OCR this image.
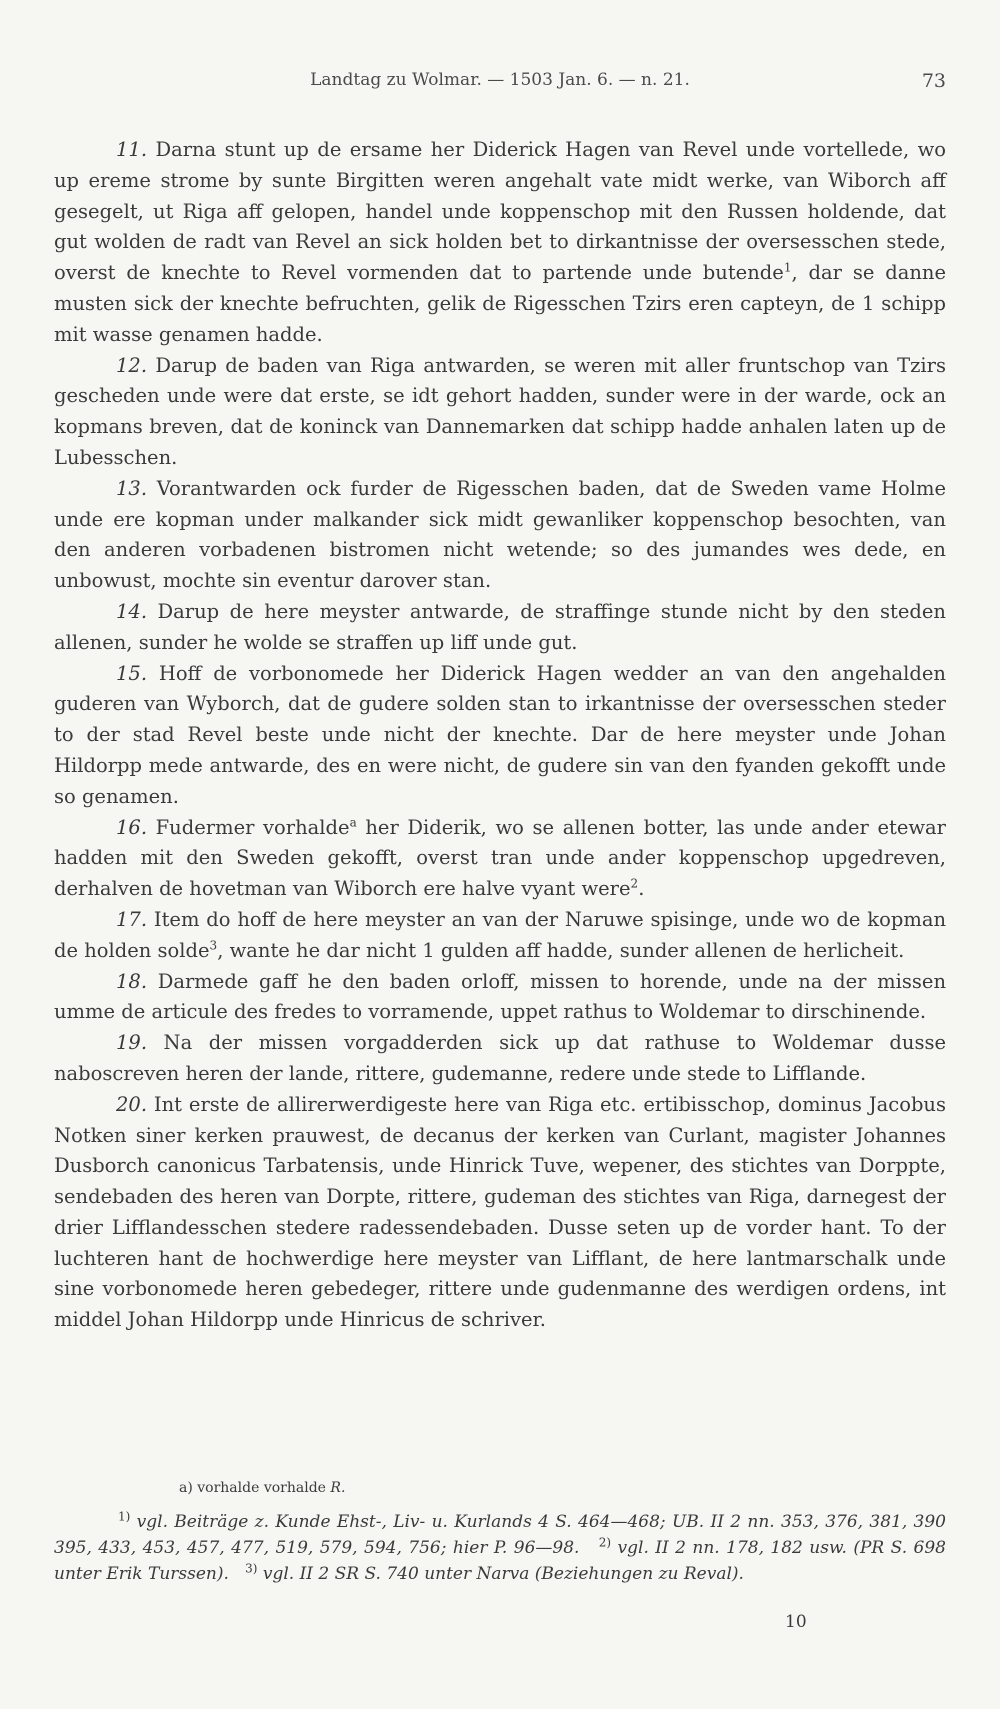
Landtag zu Wolmar. — 1503 Jan. 6. — n. 21.	73

11. Darna stunt up de ersame her Diderick Hagen van Revel unde vortellede, wo up ereme strome by sunte Birgitten weren angehalt vate midt werke, van Wiborch aff gesegelt, ut Riga aff gelopen, handel unde koppenschop mit den Russen holdende, dat gut wolden de radt van Revel an sick holden bet to dirkantnisse der oversesschen stede, overst de knechte to Revel vormenden dat to partende unde butende$^1$, dar se danne musten sick der knechte befruchten, gelik de Rigesschen Tzirs eren capteyn, de 1 schipp mit wasse genamen hadde.

12. Darup de baden van Riga antwarden, se weren mit aller fruntschop van Tzirs gescheden unde were dat erste, se idt gehort hadden, sunder were in der warde, ock an kopmans breven, dat de koninck van Dannemarken dat schipp hadde anhalen laten up de Lubesschen.

13. Vorantwarden ock furder de Rigesschen baden, dat de Sweden vame Holme unde ere kopman under malkander sick midt gewanliker koppenschop besochten, van den anderen vorbadenen bistromen nicht wetende; so des jumandes wes dede, en unbowust, mochte sin eventur darover stan.

14. Darup de here meyster antwarde, de straffinge stunde nicht by den steden allenen, sunder he wolde se straffen up liff unde gut.

15. Hoff de vorbonomede her Diderick Hagen wedder an van den angehalden guderen van Wyborch, dat de gudere solden stan to irkantnisse der oversesschen steder to der stad Revel beste unde nicht der knechte. Dar de here meyster unde Johan Hildorpp mede antwarde, des en were nicht, de gudere sin van den fyanden gekofft unde so genamen.

16. Fudermer vorhalde$^a$ her Diderik, wo se allenen botter, las unde ander etewar hadden mit den Sweden gekofft, overst tran unde ander koppenschop upgedreven, derhalven de hovetman van Wiborch ere halve vyant were$^2$.

17. Item do hoff de here meyster an van der Naruwe spisinge, unde wo de kopman de holden solde$^3$, wante he dar nicht 1 gulden aff hadde, sunder allenen de herlicheit.

18. Darmede gaff he den baden orloff, missen to horende, unde na der missen umme de articule des fredes to vorramende, uppet rathus to Woldemar to dirschinende.

19. Na der missen vorgadderden sick up dat rathuse to Woldemar dusse naboscreven heren der lande, rittere, gudemanne, redere unde stede to Lifflande.

20. Int erste de allirerwerdigeste here van Riga etc. ertibisschop, dominus Jacobus Notken siner kerken prauwest, de decanus der kerken van Curlant, magister Johannes Dusborch canonicus Tarbatensis, unde Hinrick Tuve, wepener, des stichtes van Dorppte, sendebaden des heren van Dorpte, rittere, gudeman des stichtes van Riga, darnegest der drier Lifflandesschen stedere radessendebaden. Dusse seten up de vorder hant. To der luchteren hant de hochwerdige here meyster van Lifflant, de here lantmarschalk unde sine vorbonomede heren gebedeger, rittere unde gudenmanne des werdigen ordens, int middel Johan Hildorpp unde Hinricus de schriver.

a) vorhalde vorhalde R.

$^{1)}$ vgl. Beiträge z. Kunde Ehst-, Liv- u. Kurlands 4 S. 464—468; UB. II 2 nn. 353, 376, 381, 390 395, 433, 453, 457, 477, 519, 579, 594, 756; hier P. 96—98. $^{2)}$ vgl. II 2 nn. 178, 182 usw. (PR S. 698 unter Erik Turssen). $^{3)}$ vgl. II 2 SR S. 740 unter Narva (Beziehungen zu Reval).

10
